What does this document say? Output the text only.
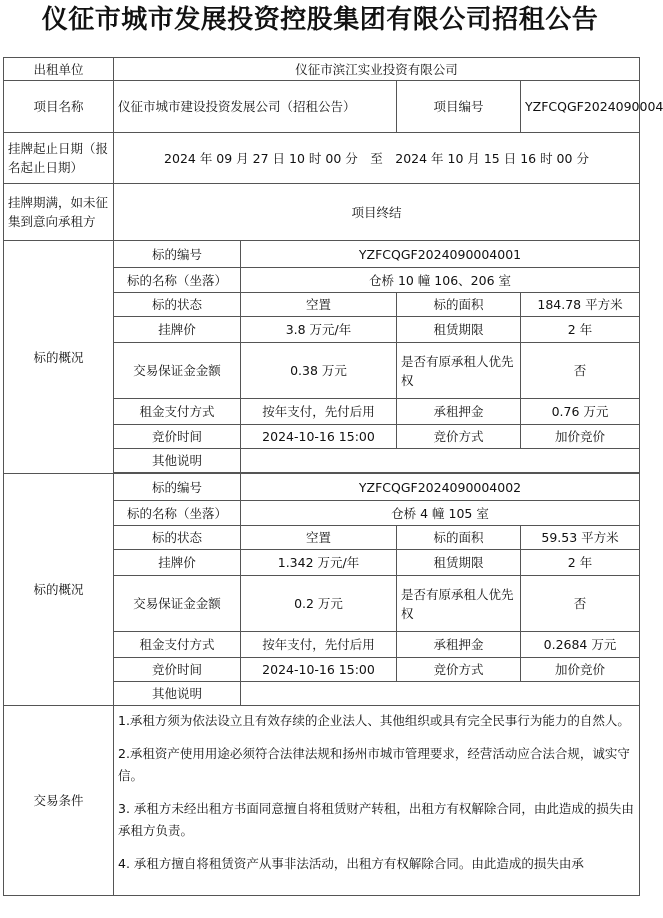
仪征市城市发展投资控股集团有限公司招租公告
出租单位	仪征市滨江实业投资有限公司			
项目名称	仪征市城市建设投资发展公司（招租公告）		项目编号	YZFCQGF2024090004
挂牌起止日期（报名起止日期）	2024 年 09 月 27 日 10 时 00 分　至　2024 年 10 月 15 日 16 时 00 分			
挂牌期满，如未征集到意向承租方	项目终结			
标的概况	标的编号	YZFCQGF2024090004001		
	标的名称（坐落）	仓桥 10 幢 106、206 室		
	标的状态	空置	标的面积	184.78 平方米
	挂牌价	3.8 万元/年	租赁期限	2 年
	交易保证金金额	0.38 万元	是否有原承租人优先权	否
	租金支付方式	按年支付，先付后用	承租押金	0.76 万元
	竞价时间	2024-10-16 15:00	竞价方式	加价竞价
	其他说明			

标的概况	标的编号	YZFCQGF2024090004002		
	标的名称（坐落）	仓桥 4 幢 105 室		
	标的状态	空置	标的面积	59.53 平方米
	挂牌价	1.342 万元/年	租赁期限	2 年
	交易保证金金额	0.2 万元	是否有原承租人优先权	否
	租金支付方式	按年支付，先付后用	承租押金	0.2684 万元
	竞价时间	2024-10-16 15:00	竞价方式	加价竞价
	其他说明			
交易条件	1.承租方须为依法设立且有效存续的企业法人、其他组织或具有完全民事行为能力的自然人。

2.承租资产使用用途必须符合法律法规和扬州市城市管理要求，经营活动应合法合规，诚实守信。

3. 承租方未经出租方书面同意擅自将租赁财产转租，出租方有权解除合同，由此造成的损失由承租方负责。

4. 承租方擅自将租赁资产从事非法活动，出租方有权解除合同。由此造成的损失由承			
